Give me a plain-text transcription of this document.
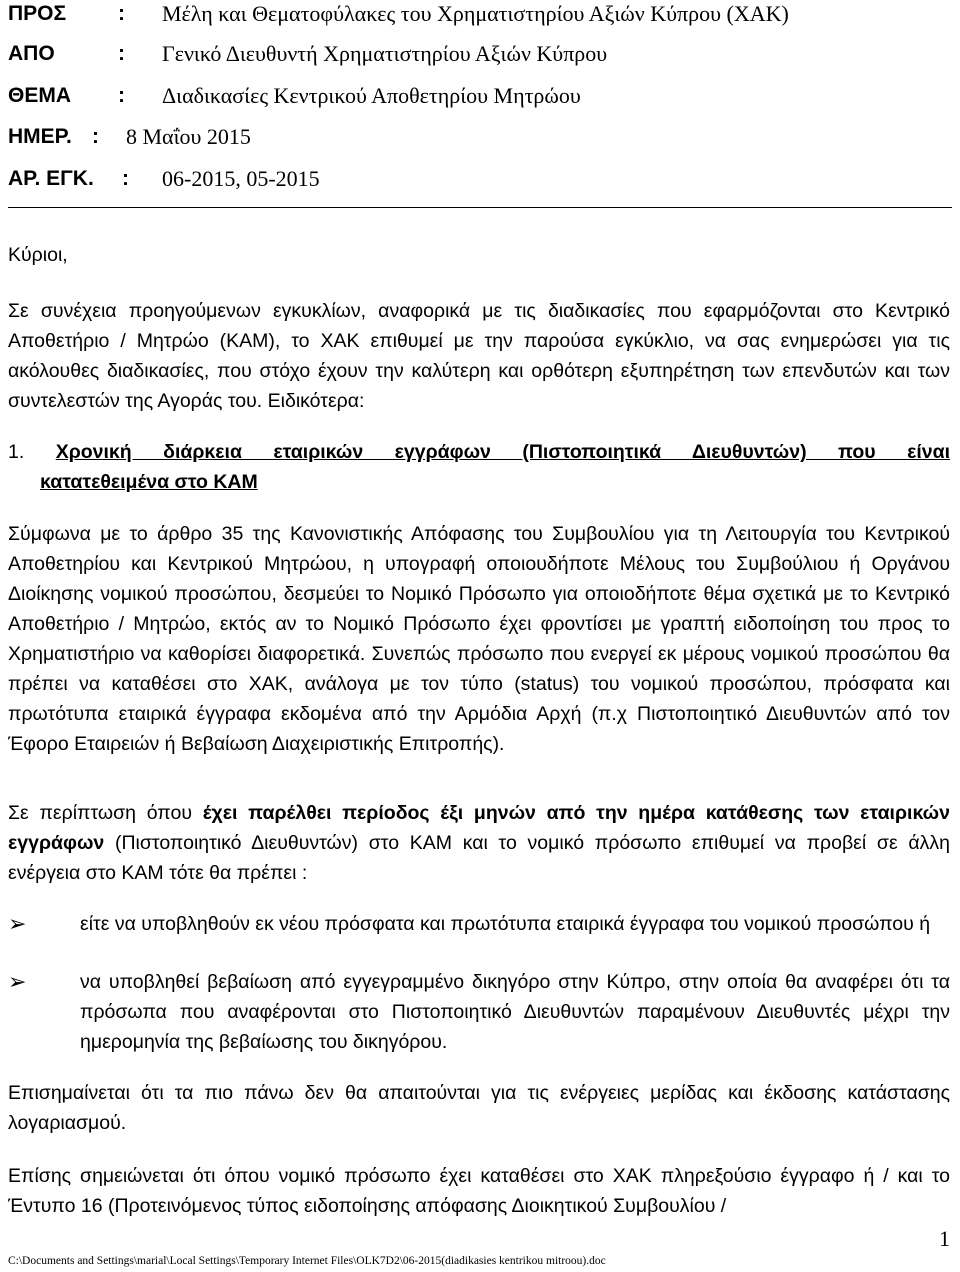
ΠΡΟΣ : Μέλη και Θεματοφύλακες του Χρηματιστηρίου Αξιών Κύπρου (ΧΑΚ)
ΑΠΟ	: Γενικό Διευθυντή Χρηματιστηρίου Αξιών Κύπρου
ΘΕΜΑ : Διαδικασίες Κεντρικού Αποθετηρίου Μητρώου
ΗΜΕΡ. : 8 Μαΐου 2015
ΑΡ. ΕΓΚ. : 06-2015, 05-2015
Κύριοι,
Σε συνέχεια προηγούμενων εγκυκλίων, αναφορικά με τις διαδικασίες που εφαρμόζονται στο Κεντρικό Αποθετήριο / Μητρώο (ΚΑΜ), το ΧΑΚ επιθυμεί με την παρούσα εγκύκλιο, να σας ενημερώσει για τις ακόλουθες διαδικασίες, που στόχο έχουν την καλύτερη και ορθότερη εξυπηρέτηση των επενδυτών και των συντελεστών της Αγοράς του. Ειδικότερα:
1. Χρονική διάρκεια εταιρικών εγγράφων (Πιστοποιητικά Διευθυντών) που είναι
κατατεθειμένα στο ΚΑΜ
Σύμφωνα με το άρθρο 35 της Κανονιστικής Απόφασης του Συμβουλίου για τη Λειτουργία του Κεντρικού Αποθετηρίου και Κεντρικού Μητρώου, η υπογραφή οποιουδήποτε Μέλους του Συμβούλιου ή Οργάνου Διοίκησης νομικού προσώπου, δεσμεύει το Νομικό Πρόσωπο για οποιοδήποτε θέμα σχετικά με το Κεντρικό Αποθετήριο / Μητρώο, εκτός αν το Νομικό Πρόσωπο έχει φροντίσει με γραπτή ειδοποίηση του προς το Χρηματιστήριο να καθορίσει διαφορετικά. Συνεπώς πρόσωπο που ενεργεί εκ μέρους νομικού προσώπου θα πρέπει να καταθέσει στο ΧΑΚ, ανάλογα με τον τύπο (status) του νομικού προσώπου, πρόσφατα και πρωτότυπα εταιρικά έγγραφα εκδομένα από την Αρμόδια Αρχή (π.χ Πιστοποιητικό Διευθυντών από τον Έφορο Εταιρειών ή Βεβαίωση Διαχειριστικής Επιτροπής).
Σε περίπτωση όπου έχει παρέλθει περίοδος έξι μηνών από την ημέρα κατάθεσης των εταιρικών εγγράφων (Πιστοποιητικό Διευθυντών) στο ΚΑΜ και το νομικό πρόσωπο επιθυμεί να προβεί σε άλλη ενέργεια στο ΚΑΜ τότε θα πρέπει :
➢	είτε να υποβληθούν εκ νέου πρόσφατα και πρωτότυπα εταιρικά έγγραφα του νομικού προσώπου ή
➢	να υποβληθεί βεβαίωση από εγγεγραμμένο δικηγόρο στην Κύπρο, στην οποία θα αναφέρει ότι τα πρόσωπα που αναφέρονται στο Πιστοποιητικό Διευθυντών παραμένουν Διευθυντές μέχρι την ημερομηνία της βεβαίωσης του δικηγόρου.
Επισημαίνεται ότι τα πιο πάνω δεν θα απαιτούνται για τις ενέργειες μερίδας και έκδοσης κατάστασης λογαριασμού.
Επίσης σημειώνεται ότι όπου νομικό πρόσωπο έχει καταθέσει στο ΧΑΚ πληρεξούσιο έγγραφο ή / και το Έντυπο 16 (Προτεινόμενος τύπος ειδοποίησης απόφασης Διοικητικού Συμβουλίου /
1
C:\Documents and Settings\marial\Local Settings\Temporary Internet Files\OLK7D2\06-2015(diadikasies kentrikou mitroou).doc
